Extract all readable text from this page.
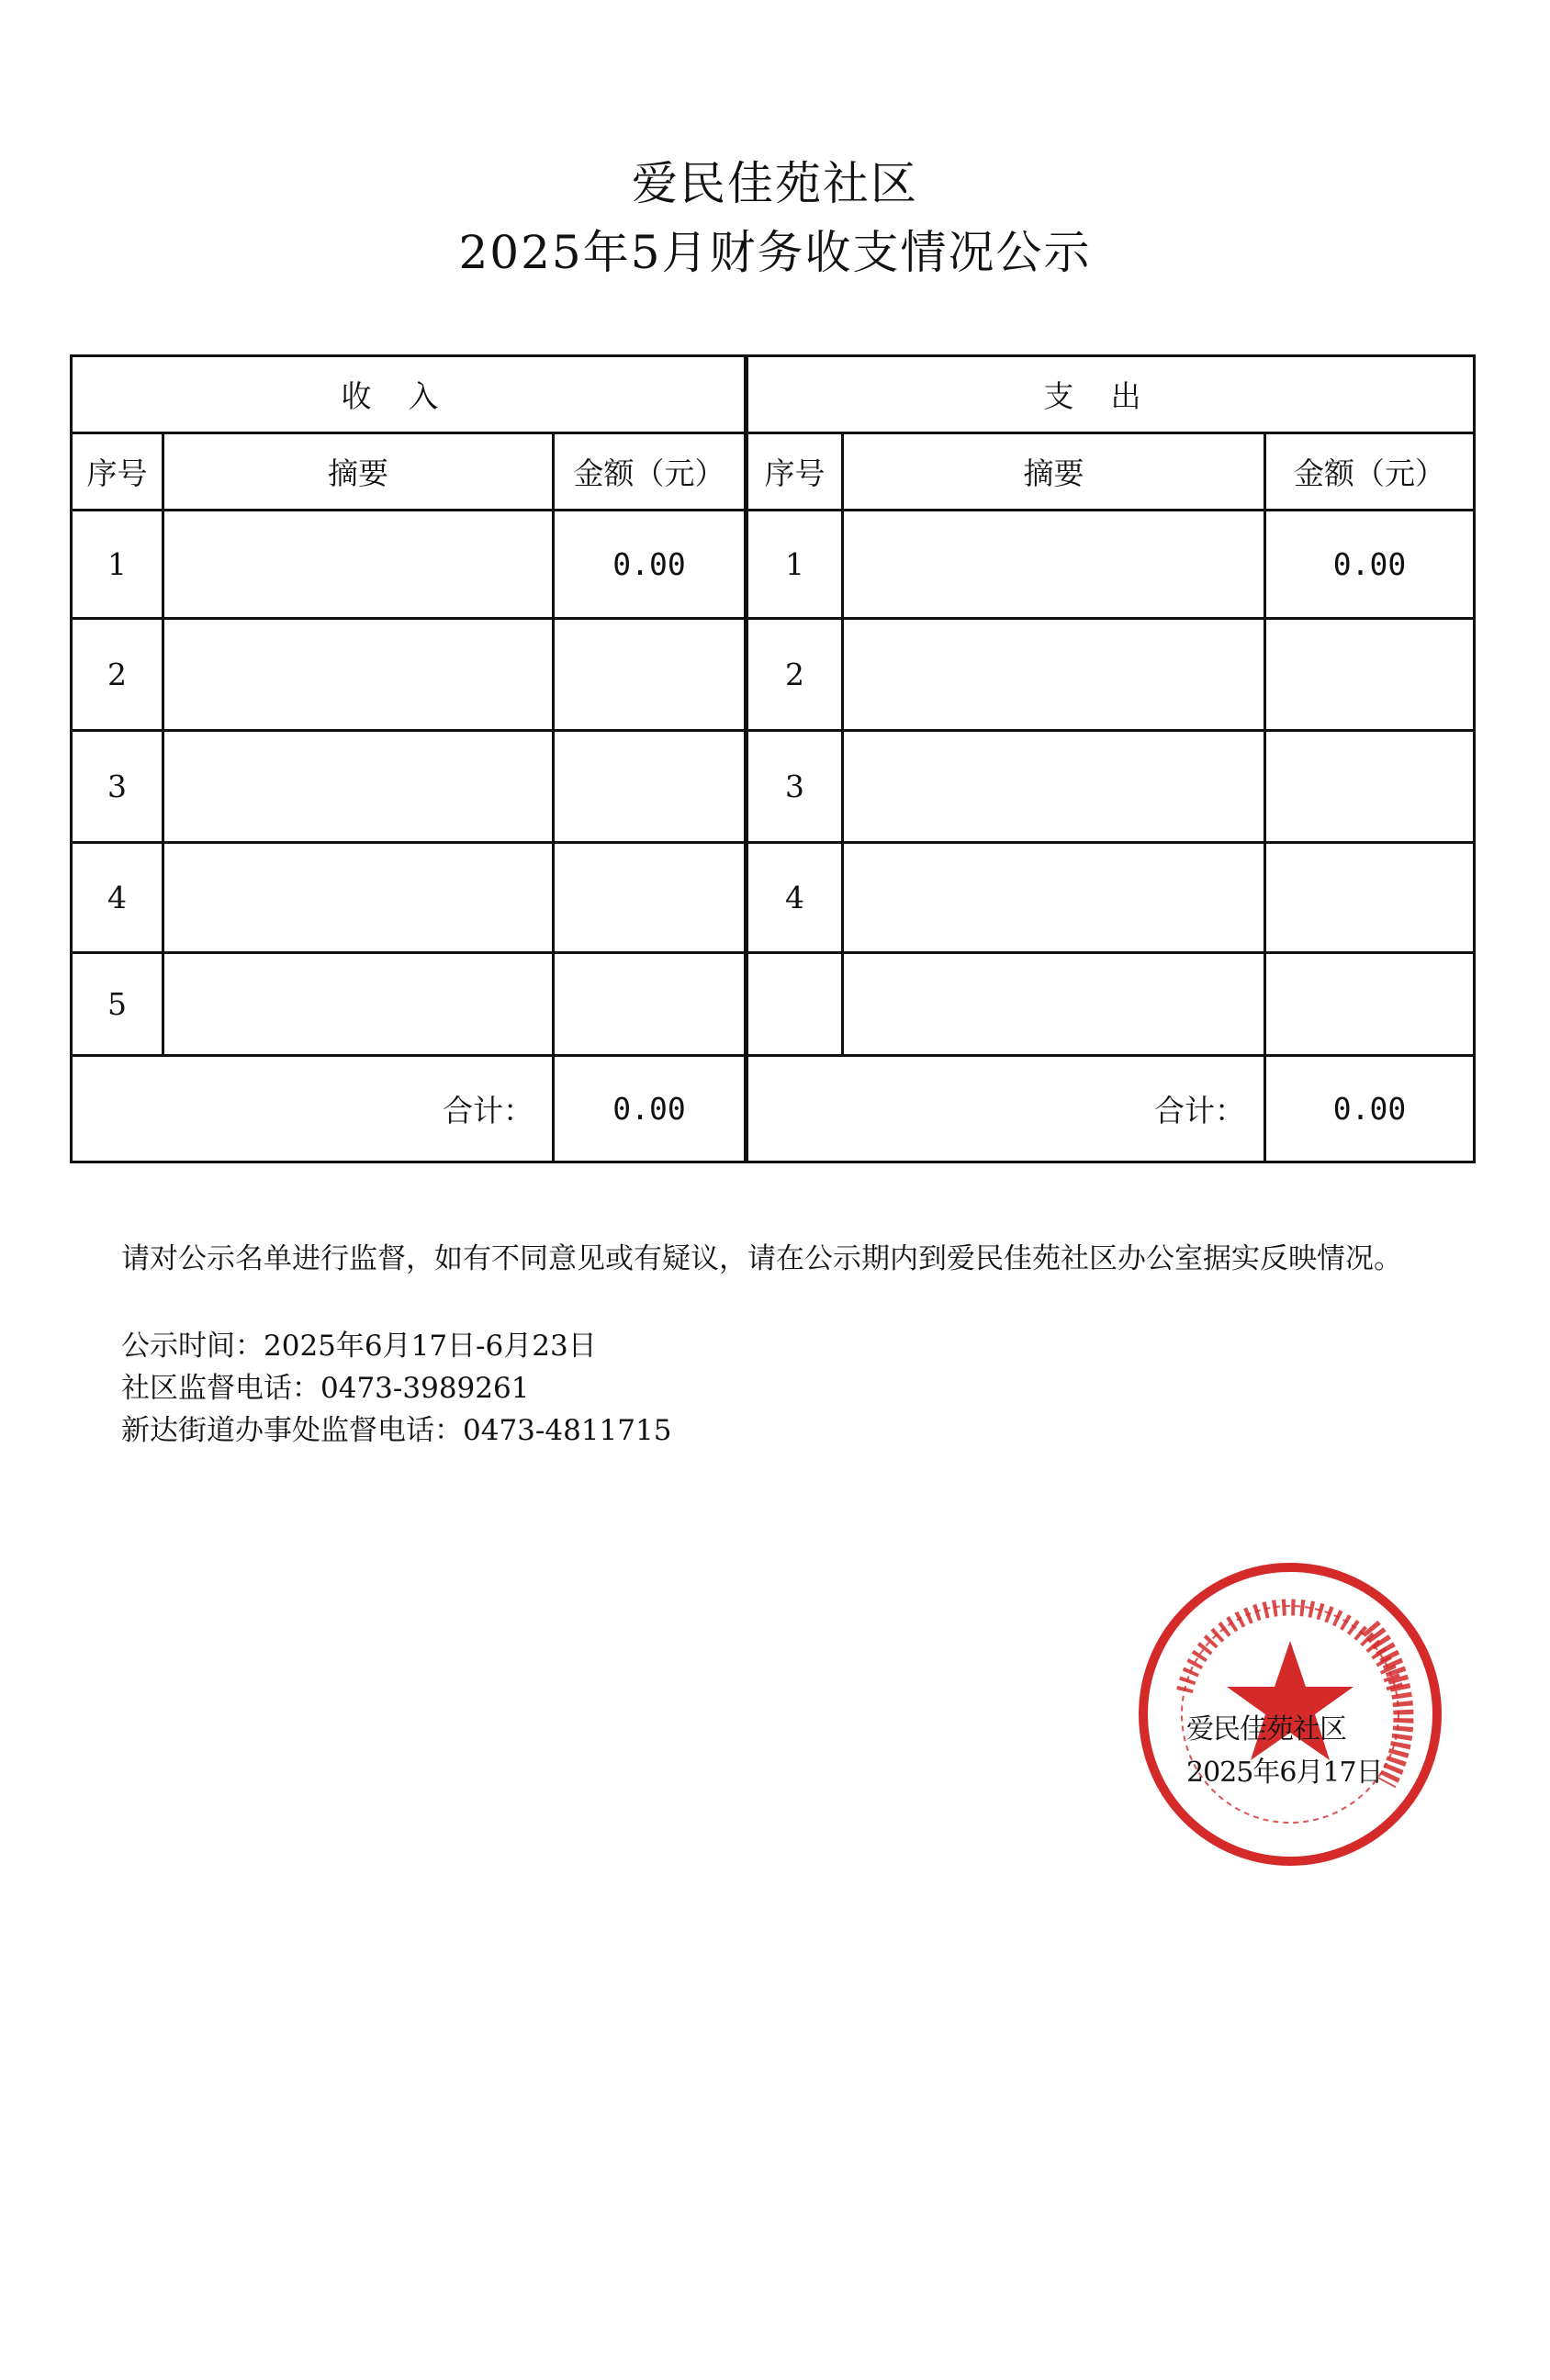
爱民佳苑社区
2025年5月财务收支情况公示
收入			支出		
序号	摘要	金额（元）	序号	摘要	金额（元）
1		0.00	1		0.00
2			2		
3			3		
4			4		
5					
合计：		0.00	合计：		0.00
请对公示名单进行监督，如有不同意见或有疑议，请在公示期内到爱民佳苑社区办公室据实反映情况。
公示时间：2025年6月17日-6月23日
社区监督电话：0473-3989261
新达街道办事处监督电话：0473-4811715
爱民佳苑社区
2025年6月17日
